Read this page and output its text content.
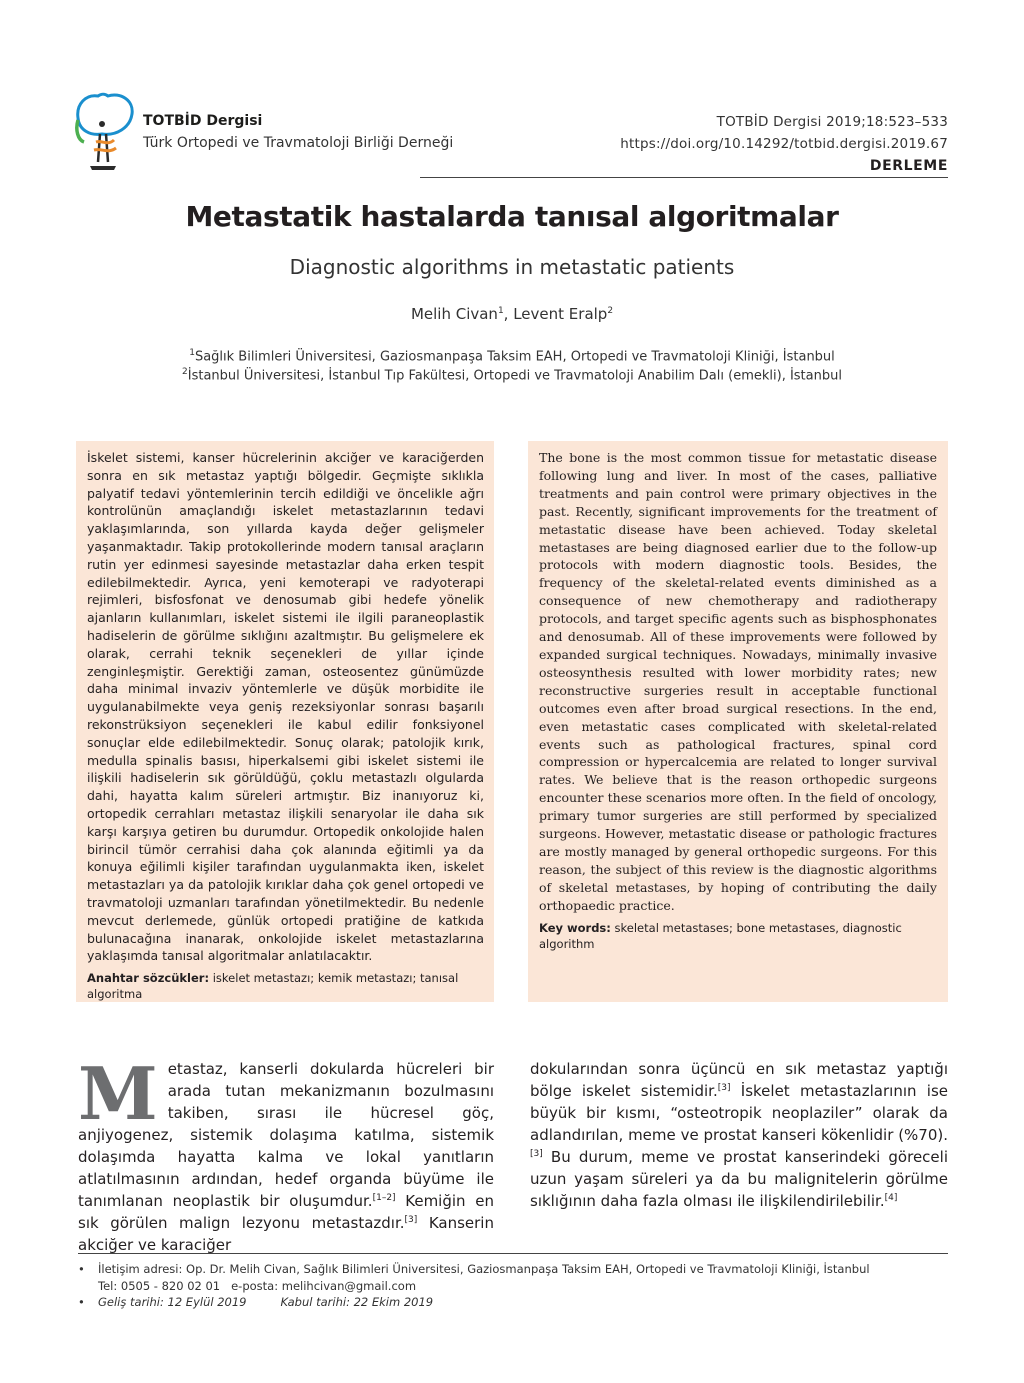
TOTBİD Dergisi
Türk Ortopedi ve Travmatoloji Birliği Derneği
TOTBİD Dergisi 2019;18:523–533
https://doi.org/10.14292/totbid.dergisi.2019.67
DERLEME
Metastatik hastalarda tanısal algoritmalar
Diagnostic algorithms in metastatic patients
Melih Civan$^1$, Levent Eralp$^2$
$^1$Sağlık Bilimleri Üniversitesi, Gaziosmanpaşa Taksim EAH, Ortopedi ve Travmatoloji Kliniği, İstanbul
$^2$İstanbul Üniversitesi, İstanbul Tıp Fakültesi, Ortopedi ve Travmatoloji Anabilim Dalı (emekli), İstanbul
İskelet sistemi, kanser hücrelerinin akciğer ve karaciğerden sonra en sık metastaz yaptığı bölgedir. Geçmişte sıklıkla palyatif tedavi yöntemlerinin tercih edildiği ve öncelikle ağrı kontrolünün amaçlandığı iskelet metastazlarının tedavi yaklaşımlarında, son yıllarda kayda değer gelişmeler yaşanmaktadır. Takip protokollerinde modern tanısal araçların rutin yer edinmesi sayesinde metastazlar daha erken tespit edilebilmektedir. Ayrıca, yeni kemoterapi ve radyoterapi rejimleri, bisfosfonat ve denosumab gibi hedefe yönelik ajanların kullanımları, iskelet sistemi ile ilgili paraneoplastik hadiselerin de görülme sıklığını azaltmıştır. Bu gelişmelere ek olarak, cerrahi teknik seçenekleri de yıllar içinde zenginleşmiştir. Gerektiği zaman, osteosentez günümüzde daha minimal invaziv yöntemlerle ve düşük morbidite ile uygulanabilmekte veya geniş rezeksiyonlar sonrası başarılı rekonstrüksiyon seçenekleri ile kabul edilir fonksiyonel sonuçlar elde edilebilmektedir. Sonuç olarak; patolojik kırık, medulla spinalis basısı, hiperkalsemi gibi iskelet sistemi ile ilişkili hadiselerin sık görüldüğü, çoklu metastazlı olgularda dahi, hayatta kalım süreleri artmıştır. Biz inanıyoruz ki, ortopedik cerrahları metastaz ilişkili senaryolar ile daha sık karşı karşıya getiren bu durumdur. Ortopedik onkolojide halen birincil tümör cerrahisi daha çok alanında eğitimli ya da konuya eğilimli kişiler tarafından uygulanmakta iken, iskelet metastazları ya da patolojik kırıklar daha çok genel ortopedi ve travmatoloji uzmanları tarafından yönetilmektedir. Bu nedenle mevcut derlemede, günlük ortopedi pratiğine de katkıda bulunacağına inanarak, onkolojide iskelet metastazlarına yaklaşımda tanısal algoritmalar anlatılacaktır.
Anahtar sözcükler: iskelet metastazı; kemik metastazı; tanısal algoritma
The bone is the most common tissue for metastatic disease following lung and liver. In most of the cases, palliative treatments and pain control were primary objectives in the past. Recently, significant improvements for the treatment of metastatic disease have been achieved. Today skeletal metastases are being diagnosed earlier due to the follow-up protocols with modern diagnostic tools. Besides, the frequency of the skeletal-related events diminished as a consequence of new chemotherapy and radiotherapy protocols, and target specific agents such as bisphosphonates and denosumab. All of these improvements were followed by expanded surgical techniques. Nowadays, minimally invasive osteosynthesis resulted with lower morbidity rates; new reconstructive surgeries result in acceptable functional outcomes even after broad surgical resections. In the end, even metastatic cases complicated with skeletal-related events such as pathological fractures, spinal cord compression or hypercalcemia are related to longer survival rates. We believe that is the reason orthopedic surgeons encounter these scenarios more often. In the field of oncology, primary tumor surgeries are still performed by specialized surgeons. However, metastatic disease or pathologic fractures are mostly managed by general orthopedic surgeons. For this reason, the subject of this review is the diagnostic algorithms of skeletal metastases, by hoping of contributing the daily orthopaedic practice.
Key words: skeletal metastases; bone metastases, diagnostic algorithm
Metastaz, kanserli dokularda hücreleri bir arada tutan mekanizmanın bozulmasını takiben, sırası ile hücresel göç, anjiyogenez, sistemik dolaşıma katılma, sistemik dolaşımda hayatta kalma ve lokal yanıtların atlatılmasının ardından, hedef organda büyüme ile tanımlanan neoplastik bir oluşumdur.[1–2] Kemiğin en sık görülen malign lezyonu metastazdır.[3] Kanserin akciğer ve karaciğer
dokularından sonra üçüncü en sık metastaz yaptığı bölge iskelet sistemidir.[3] İskelet metastazlarının ise büyük bir kısmı, “osteotropik neoplaziler” olarak da adlandırılan, meme ve prostat kanseri kökenlidir (%70).[3] Bu durum, meme ve prostat kanserindeki göreceli uzun yaşam süreleri ya da bu malignitelerin görülme sıklığının daha fazla olması ile ilişkilendirilebilir.[4]
• İletişim adresi: Op. Dr. Melih Civan, Sağlık Bilimleri Üniversitesi, Gaziosmanpaşa Taksim EAH, Ortopedi ve Travmatoloji Kliniği, İstanbul
Tel: 0505 - 820 02 01 e-posta: melihcivan@gmail.com
• Geliş tarihi: 12 Eylül 2019	Kabul tarihi: 22 Ekim 2019
